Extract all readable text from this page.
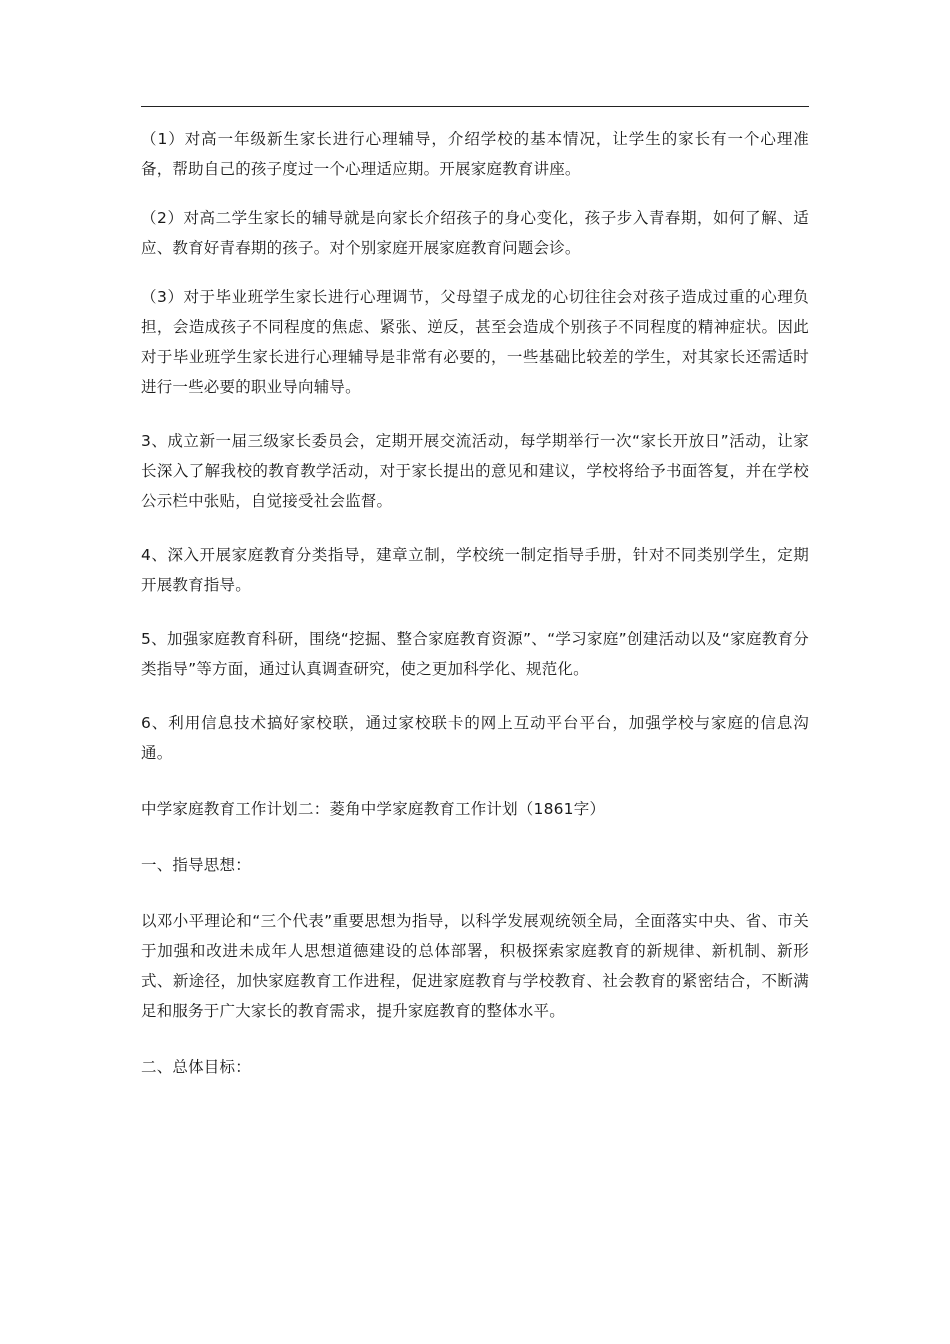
（1）对高一年级新生家长进行心理辅导，介绍学校的基本情况，让学生的家长有一个心理准备，帮助自己的孩子度过一个心理适应期。开展家庭教育讲座。

（2）对高二学生家长的辅导就是向家长介绍孩子的身心变化，孩子步入青春期，如何了解、适应、教育好青春期的孩子。对个别家庭开展家庭教育问题会诊。

（3）对于毕业班学生家长进行心理调节，父母望子成龙的心切往往会对孩子造成过重的心理负担，会造成孩子不同程度的焦虑、紧张、逆反，甚至会造成个别孩子不同程度的精神症状。因此对于毕业班学生家长进行心理辅导是非常有必要的，一些基础比较差的学生，对其家长还需适时进行一些必要的职业导向辅导。

3、成立新一届三级家长委员会，定期开展交流活动，每学期举行一次“家长开放日”活动，让家长深入了解我校的教育教学活动，对于家长提出的意见和建议，学校将给予书面答复，并在学校公示栏中张贴，自觉接受社会监督。

4、深入开展家庭教育分类指导，建章立制，学校统一制定指导手册，针对不同类别学生，定期开展教育指导。

5、加强家庭教育科研，围绕“挖掘、整合家庭教育资源”、“学习家庭”创建活动以及“家庭教育分类指导”等方面，通过认真调查研究，使之更加科学化、规范化。

6、利用信息技术搞好家校联，通过家校联卡的网上互动平台平台，加强学校与家庭的信息沟通。

中学家庭教育工作计划二：菱角中学家庭教育工作计划（1861字）

一、指导思想：

以邓小平理论和“三个代表”重要思想为指导，以科学发展观统领全局，全面落实中央、省、市关于加强和改进未成年人思想道德建设的总体部署，积极探索家庭教育的新规律、新机制、新形式、新途径，加快家庭教育工作进程，促进家庭教育与学校教育、社会教育的紧密结合，不断满足和服务于广大家长的教育需求，提升家庭教育的整体水平。

二、总体目标：
